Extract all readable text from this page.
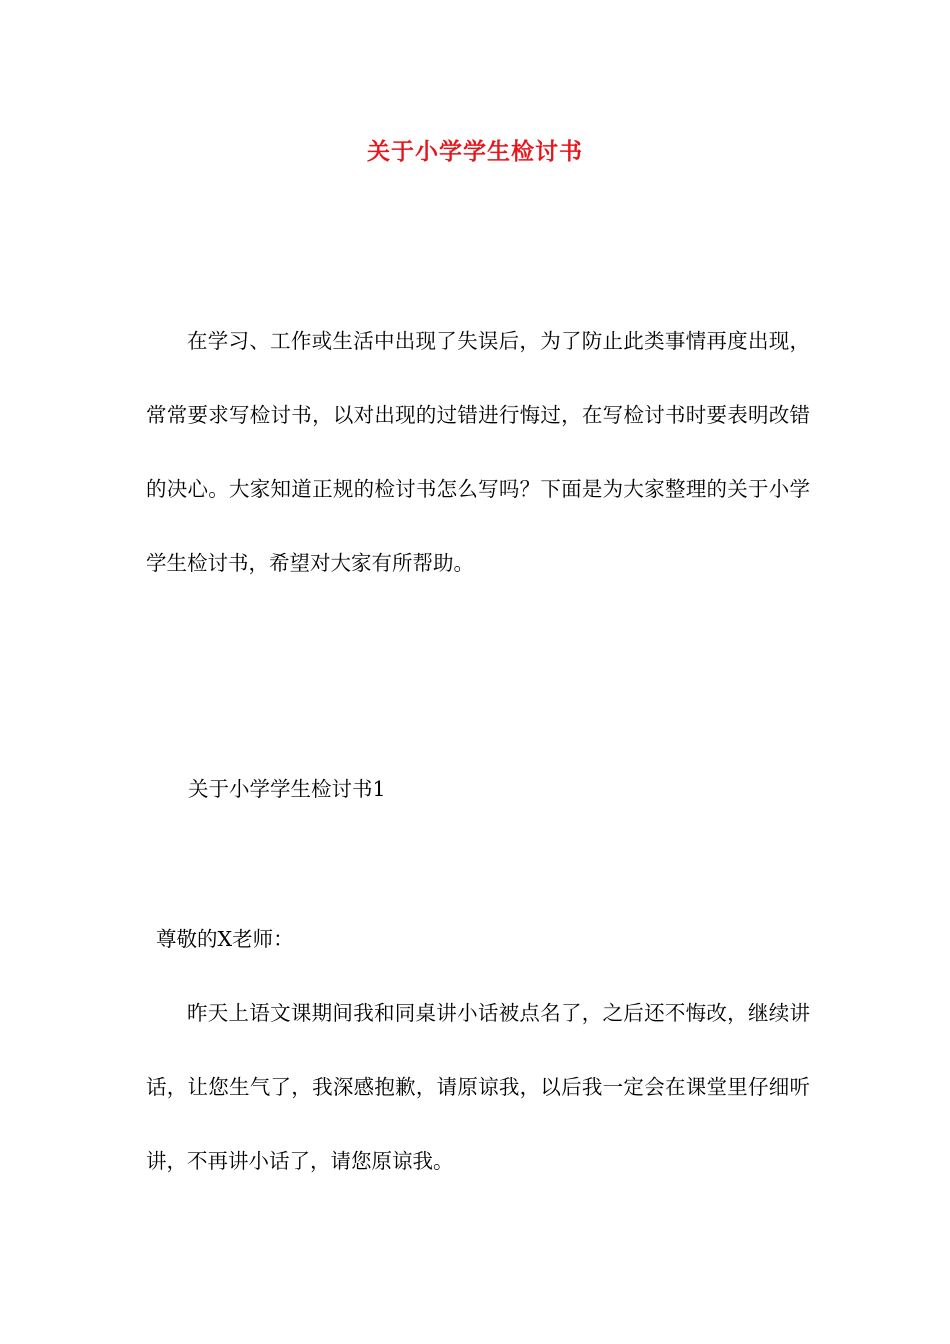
关于小学学生检讨书

在学习、工作或生活中出现了失误后，为了防止此类事情再度出现，常常要求写检讨书，以对出现的过错进行悔过，在写检讨书时要表明改错的决心。大家知道正规的检讨书怎么写吗？下面是为大家整理的关于小学学生检讨书，希望对大家有所帮助。

关于小学学生检讨书1

尊敬的X老师：

昨天上语文课期间我和同桌讲小话被点名了，之后还不悔改，继续讲话，让您生气了，我深感抱歉，请原谅我，以后我一定会在课堂里仔细听讲，不再讲小话了，请您原谅我。
